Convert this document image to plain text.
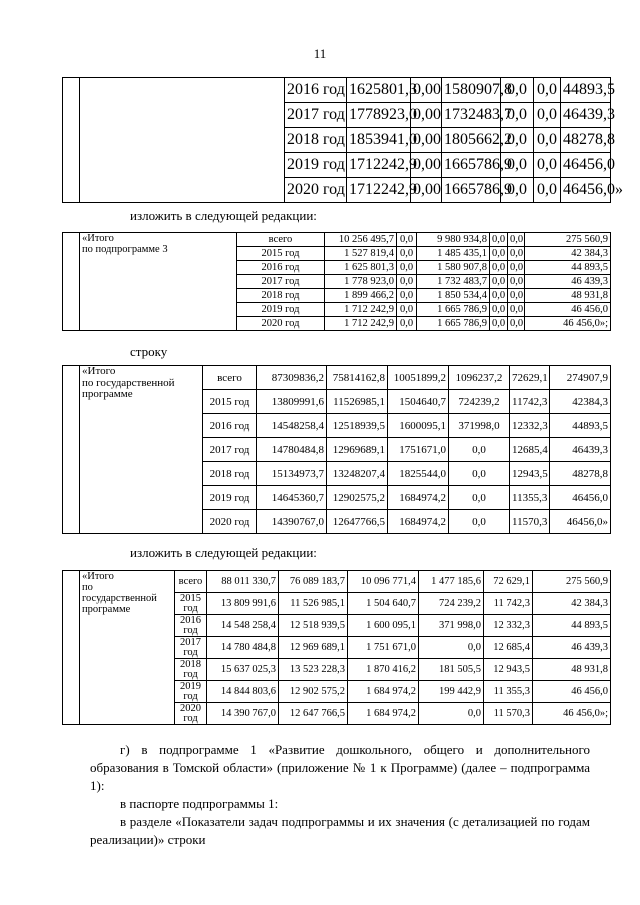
11
		2016 год	1625801,3	0,00	1580907,8	0,0	0,0	44893,5
		2017 год	1778923,0	0,00	1732483,7	0,0	0,0	46439,3
		2018 год	1853941,0	0,00	1805662,2	0,0	0,0	48278,8
		2019 год	1712242,9	0,00	1665786,9	0,0	0,0	46456,0
		2020 год	1712242,9	0,00	1665786,9	0,0	0,0	46456,0»
изложить в следующей редакции:
	«Итого
по подпрограмме 3	всего	10 256 495,7	0,0	9 980 934,8	0,0	0,0	275 560,9
		2015 год	1 527 819,4	0,0	1 485 435,1	0,0	0,0	42 384,3
		2016 год	1 625 801,3	0,0	1 580 907,8	0,0	0,0	44 893,5
		2017 год	1 778 923,0	0,0	1 732 483,7	0,0	0,0	46 439,3
		2018 год	1 899 466,2	0,0	1 850 534,4	0,0	0,0	48 931,8
		2019 год	1 712 242,9	0,0	1 665 786,9	0,0	0,0	46 456,0
		2020 год	1 712 242,9	0,0	1 665 786,9	0,0	0,0	46 456,0»;
строку
	«Итого
по государственной
программе	всего	87309836,2	75814162,8	10051899,2	1096237,2	72629,1	274907,9
		2015 год	13809991,6	11526985,1	1504640,7	724239,2	11742,3	42384,3
		2016 год	14548258,4	12518939,5	1600095,1	371998,0	12332,3	44893,5
		2017 год	14780484,8	12969689,1	1751671,0	0,0	12685,4	46439,3
		2018 год	15134973,7	13248207,4	1825544,0	0,0	12943,5	48278,8
		2019 год	14645360,7	12902575,2	1684974,2	0,0	11355,3	46456,0
		2020 год	14390767,0	12647766,5	1684974,2	0,0	11570,3	46456,0»
изложить в следующей редакции:
	«Итого
по
государственной
программе	всего	88 011 330,7	76 089 183,7	10 096 771,4	1 477 185,6	72 629,1	275 560,9
		2015 год	13 809 991,6	11 526 985,1	1 504 640,7	724 239,2	11 742,3	42 384,3
		2016 год	14 548 258,4	12 518 939,5	1 600 095,1	371 998,0	12 332,3	44 893,5
		2017 год	14 780 484,8	12 969 689,1	1 751 671,0	0,0	12 685,4	46 439,3
		2018 год	15 637 025,3	13 523 228,3	1 870 416,2	181 505,5	12 943,5	48 931,8
		2019 год	14 844 803,6	12 902 575,2	1 684 974,2	199 442,9	11 355,3	46 456,0
		2020 год	14 390 767,0	12 647 766,5	1 684 974,2	0,0	11 570,3	46 456,0»;
г) в подпрограмме 1 «Развитие дошкольного, общего и дополнительного образования в Томской области» (приложение № 1 к Программе) (далее – подпрограмма 1):
в паспорте подпрограммы 1:
в разделе «Показатели задач подпрограммы и их значения (с детализацией по годам реализации)» строки
